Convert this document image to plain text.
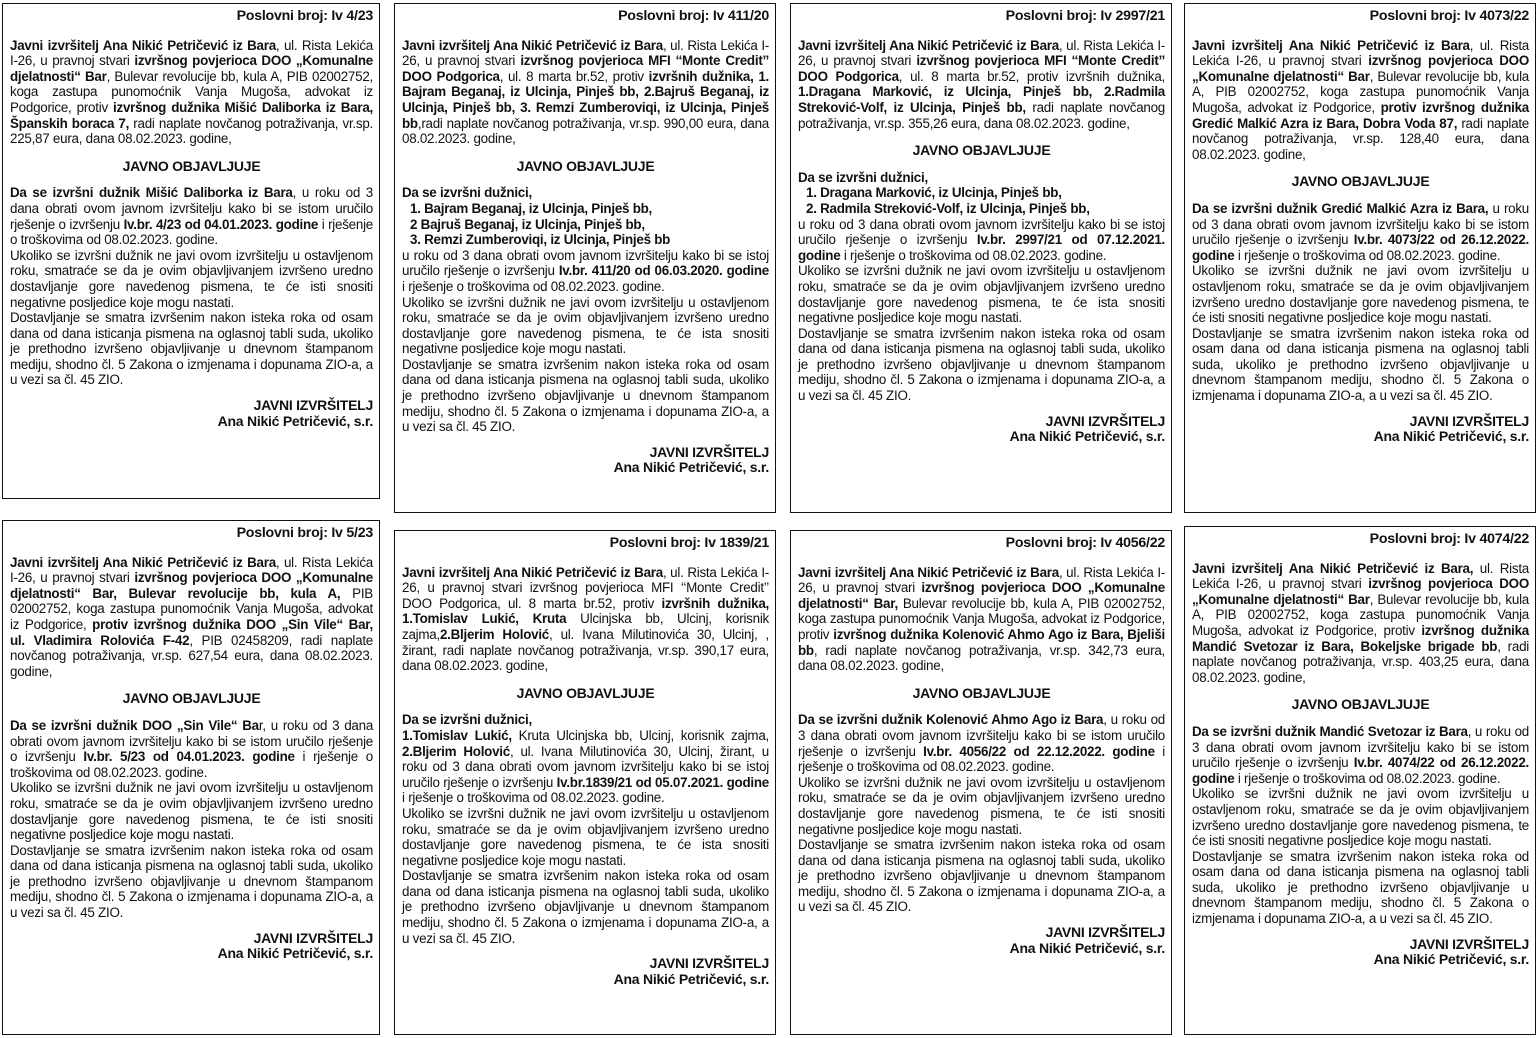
Poslovni broj: Iv 4/23

Javni izvršitelj Ana Nikić Petričević iz Bara, ul. Rista Lekića I-26, u pravnoj stvari izvršnog povjerioca DOO „Komunalne djelatnosti“ Bar, Bulevar revolucije bb, kula A, PIB 02002752, koga zastupa punomoćnik Vanja Mugoša, advokat iz Podgorice, protiv izvršnog dužnika Mišić Daliborka iz Bara, Španskih boraca 7, radi naplate novčanog potraživanja, vr.sp. 225,87 eura, dana 08.02.2023. godine,

JAVNO OBJAVLJUJE

Da se izvršni dužnik Mišić Daliborka iz Bara, u roku od 3 dana obrati ovom javnom izvršitelju kako bi se istom uručilo rješenje o izvršenju Iv.br. 4/23 od 04.01.2023. godine i rješenje o troškovima od 08.02.2023. godine.

Ukoliko se izvršni dužnik ne javi ovom izvršitelju u ostavljenom roku, smatraće se da je ovim objavljivanjem izvršeno uredno dostavljanje gore navedenog pismena, te će isti snositi negativne posljedice koje mogu nastati.

Dostavljanje se smatra izvršenim nakon isteka roka od osam dana od dana isticanja pismena na oglasnoj tabli suda, ukoliko je prethodno izvršeno objavljivanje u dnevnom štampanom mediju, shodno čl. 5 Zakona o izmjenama i dopunama ZIO-a, a u vezi sa čl. 45 ZIO.

JAVNI IZVRŠITELJ
Ana Nikić Petričević, s.r.
Poslovni broj: Iv 411/20

Javni izvršitelj Ana Nikić Petričević iz Bara, ul. Rista Lekića I-26, u pravnoj stvari izvršnog povjerioca MFI ‘‘Monte Credit’’ DOO Podgorica, ul. 8 marta br.52, protiv izvršnih dužnika, 1. Bajram Beganaj, iz Ulcinja, Pinješ bb, 2.Bajruš Beganaj, iz Ulcinja, Pinješ bb, 3. Remzi Zumberoviqi, iz Ulcinja, Pinješ bb,radi naplate novčanog potraživanja, vr.sp. 990,00 eura, dana 08.02.2023. godine,

JAVNO OBJAVLJUJE
Da se izvršni dužnici,
1. Bajram Beganaj, iz Ulcinja, Pinješ bb,
2 Bajruš Beganaj, iz Ulcinja, Pinješ bb,
3. Remzi Zumberoviqi, iz Ulcinja, Pinješ bb

u roku od 3 dana obrati ovom javnom izvršitelju kako bi se istoj uručilo rješenje o izvršenju Iv.br. 411/20 od 06.03.2020. godine i rješenje o troškovima od 08.02.2023. godine.

Ukoliko se izvršni dužnik ne javi ovom izvršitelju u ostavljenom roku, smatraće se da je ovim objavljivanjem izvršeno uredno dostavljanje gore navedenog pismena, te će ista snositi negativne posljedice koje mogu nastati.

Dostavljanje se smatra izvršenim nakon isteka roka od osam dana od dana isticanja pismena na oglasnoj tabli suda, ukoliko je prethodno izvršeno objavljivanje u dnevnom štampanom mediju, shodno čl. 5 Zakona o izmjenama i dopunama ZIO-a, a u vezi sa čl. 45 ZIO.

JAVNI IZVRŠITELJ
Ana Nikić Petričević, s.r.
Poslovni broj: Iv 2997/21

Javni izvršitelj Ana Nikić Petričević iz Bara, ul. Rista Lekića I-26, u pravnoj stvari izvršnog povjerioca MFI ‘‘Monte Credit’’ DOO Podgorica, ul. 8 marta br.52, protiv izvršnih dužnika, 1.Dragana Marković, iz Ulcinja, Pinješ bb, 2.Radmila Streković-Volf, iz Ulcinja, Pinješ bb, radi naplate novčanog potraživanja, vr.sp. 355,26 eura, dana 08.02.2023. godine,

JAVNO OBJAVLJUJE
Da se izvršni dužnici,
1. Dragana Marković, iz Ulcinja, Pinješ bb,
2. Radmila Streković-Volf, iz Ulcinja, Pinješ bb,

u roku od 3 dana obrati ovom javnom izvršitelju kako bi se istoj uručilo rješenje o izvršenju Iv.br. 2997/21 od 07.12.2021. godine i rješenje o troškovima od 08.02.2023. godine.

Ukoliko se izvršni dužnik ne javi ovom izvršitelju u ostavljenom roku, smatraće se da je ovim objavljivanjem izvršeno uredno dostavljanje gore navedenog pismena, te će ista snositi negativne posljedice koje mogu nastati.

Dostavljanje se smatra izvršenim nakon isteka roka od osam dana od dana isticanja pismena na oglasnoj tabli suda, ukoliko je prethodno izvršeno objavljivanje u dnevnom štampanom mediju, shodno čl. 5 Zakona o izmjenama i dopunama ZIO-a, a u vezi sa čl. 45 ZIO.

JAVNI IZVRŠITELJ
Ana Nikić Petričević, s.r.
Poslovni broj: Iv 4073/22

Javni izvršitelj Ana Nikić Petričević iz Bara, ul. Rista Lekića I-26, u pravnoj stvari izvršnog povjerioca DOO „Komunalne djelatnosti“ Bar, Bulevar revolucije bb, kula A, PIB 02002752, koga zastupa punomoćnik Vanja Mugoša, advokat iz Podgorice, protiv izvršnog dužnika Gredić Malkić Azra iz Bara, Dobra Voda 87, radi naplate novčanog potraživanja, vr.sp. 128,40 eura, dana 08.02.2023. godine,

JAVNO OBJAVLJUJE

Da se izvršni dužnik Gredić Malkić Azra iz Bara, u roku od 3 dana obrati ovom javnom izvršitelju kako bi se istom uručilo rješenje o izvršenju Iv.br. 4073/22 od 26.12.2022. godine i rješenje o troškovima od 08.02.2023. godine.

Ukoliko se izvršni dužnik ne javi ovom izvršitelju u ostavljenom roku, smatraće se da je ovim objavljivanjem izvršeno uredno dostavljanje gore navedenog pismena, te će isti snositi negativne posljedice koje mogu nastati.

Dostavljanje se smatra izvršenim nakon isteka roka od osam dana od dana isticanja pismena na oglasnoj tabli suda, ukoliko je prethodno izvršeno objavljivanje u dnevnom štampanom mediju, shodno čl. 5 Zakona o izmjenama i dopunama ZIO-a, a u vezi sa čl. 45 ZIO.

JAVNI IZVRŠITELJ
Ana Nikić Petričević, s.r.
Poslovni broj: Iv 5/23

Javni izvršitelj Ana Nikić Petričević iz Bara, ul. Rista Lekića I-26, u pravnoj stvari izvršnog povjerioca DOO „Komunalne djelatnosti“ Bar, Bulevar revolucije bb, kula A, PIB 02002752, koga zastupa punomoćnik Vanja Mugoša, advokat iz Podgorice, protiv izvršnog dužnika DOO „Sin Vile“ Bar, ul. Vladimira Rolovića F-42, PIB 02458209, radi naplate novčanog potraživanja, vr.sp. 627,54 eura, dana 08.02.2023. godine,

JAVNO OBJAVLJUJE

Da se izvršni dužnik DOO „Sin Vile“ Bar, u roku od 3 dana obrati ovom javnom izvršitelju kako bi se istom uručilo rješenje o izvršenju Iv.br. 5/23 od 04.01.2023. godine i rješenje o troškovima od 08.02.2023. godine.

Ukoliko se izvršni dužnik ne javi ovom izvršitelju u ostavljenom roku, smatraće se da je ovim objavljivanjem izvršeno uredno dostavljanje gore navedenog pismena, te će isti snositi negativne posljedice koje mogu nastati.

Dostavljanje se smatra izvršenim nakon isteka roka od osam dana od dana isticanja pismena na oglasnoj tabli suda, ukoliko je prethodno izvršeno objavljivanje u dnevnom štampanom mediju, shodno čl. 5 Zakona o izmjenama i dopunama ZIO-a, a u vezi sa čl. 45 ZIO.

JAVNI IZVRŠITELJ
Ana Nikić Petričević, s.r.
Poslovni broj: Iv 1839/21

Javni izvršitelj Ana Nikić Petričević iz Bara, ul. Rista Lekića I-26, u pravnoj stvari izvršnog povjerioca MFI ‘‘Monte Credit’’ DOO Podgorica, ul. 8 marta br.52, protiv izvršnih dužnika, 1.Tomislav Lukić, Kruta Ulcinjska bb, Ulcinj, korisnik zajma,2.Bljerim Holović, ul. Ivana Milutinovića 30, Ulcinj, , žirant, radi naplate novčanog potraživanja, vr.sp. 390,17 eura, dana 08.02.2023. godine,

JAVNO OBJAVLJUJE
Da se izvršni dužnici,

1.Tomislav Lukić, Kruta Ulcinjska bb, Ulcinj, korisnik zajma, 2.Bljerim Holović, ul. Ivana Milutinovića 30, Ulcinj, žirant, u roku od 3 dana obrati ovom javnom izvršitelju kako bi se istoj uručilo rješenje o izvršenju Iv.br.1839/21 od 05.07.2021. godine i rješenje o troškovima od 08.02.2023. godine.

Ukoliko se izvršni dužnik ne javi ovom izvršitelju u ostavljenom roku, smatraće se da je ovim objavljivanjem izvršeno uredno dostavljanje gore navedenog pismena, te će ista snositi negativne posljedice koje mogu nastati.

Dostavljanje se smatra izvršenim nakon isteka roka od osam dana od dana isticanja pismena na oglasnoj tabli suda, ukoliko je prethodno izvršeno objavljivanje u dnevnom štampanom mediju, shodno čl. 5 Zakona o izmjenama i dopunama ZIO-a, a u vezi sa čl. 45 ZIO.

JAVNI IZVRŠITELJ
Ana Nikić Petričević, s.r.
Poslovni broj: Iv 4056/22

Javni izvršitelj Ana Nikić Petričević iz Bara, ul. Rista Lekića I-26, u pravnoj stvari izvršnog povjerioca DOO „Komunalne djelatnosti“ Bar, Bulevar revolucije bb, kula A, PIB 02002752, koga zastupa punomoćnik Vanja Mugoša, advokat iz Podgorice, protiv izvršnog dužnika Kolenović Ahmo Ago iz Bara, Bjeliši bb, radi naplate novčanog potraživanja, vr.sp. 342,73 eura, dana 08.02.2023. godine,

JAVNO OBJAVLJUJE

Da se izvršni dužnik Kolenović Ahmo Ago iz Bara, u roku od 3 dana obrati ovom javnom izvršitelju kako bi se istom uručilo rješenje o izvršenju Iv.br. 4056/22 od 22.12.2022. godine i rješenje o troškovima od 08.02.2023. godine.

Ukoliko se izvršni dužnik ne javi ovom izvršitelju u ostavljenom roku, smatraće se da je ovim objavljivanjem izvršeno uredno dostavljanje gore navedenog pismena, te će isti snositi negativne posljedice koje mogu nastati.

Dostavljanje se smatra izvršenim nakon isteka roka od osam dana od dana isticanja pismena na oglasnoj tabli suda, ukoliko je prethodno izvršeno objavljivanje u dnevnom štampanom mediju, shodno čl. 5 Zakona o izmjenama i dopunama ZIO-a, a u vezi sa čl. 45 ZIO.

JAVNI IZVRŠITELJ
Ana Nikić Petričević, s.r.
Poslovni broj: Iv 4074/22

Javni izvršitelj Ana Nikić Petričević iz Bara, ul. Rista Lekića I-26, u pravnoj stvari izvršnog povjerioca DOO „Komunalne djelatnosti“ Bar, Bulevar revolucije bb, kula A, PIB 02002752, koga zastupa punomoćnik Vanja Mugoša, advokat iz Podgorice, protiv izvršnog dužnika Mandić Svetozar iz Bara, Bokeljske brigade bb, radi naplate novčanog potraživanja, vr.sp. 403,25 eura, dana 08.02.2023. godine,

JAVNO OBJAVLJUJE

Da se izvršni dužnik Mandić Svetozar iz Bara, u roku od 3 dana obrati ovom javnom izvršitelju kako bi se istom uručilo rješenje o izvršenju Iv.br. 4074/22 od 26.12.2022. godine i rješenje o troškovima od 08.02.2023. godine.

Ukoliko se izvršni dužnik ne javi ovom izvršitelju u ostavljenom roku, smatraće se da je ovim objavljivanjem izvršeno uredno dostavljanje gore navedenog pismena, te će isti snositi negativne posljedice koje mogu nastati.

Dostavljanje se smatra izvršenim nakon isteka roka od osam dana od dana isticanja pismena na oglasnoj tabli suda, ukoliko je prethodno izvršeno objavljivanje u dnevnom štampanom mediju, shodno čl. 5 Zakona o izmjenama i dopunama ZIO-a, a u vezi sa čl. 45 ZIO.

JAVNI IZVRŠITELJ
Ana Nikić Petričević, s.r.
